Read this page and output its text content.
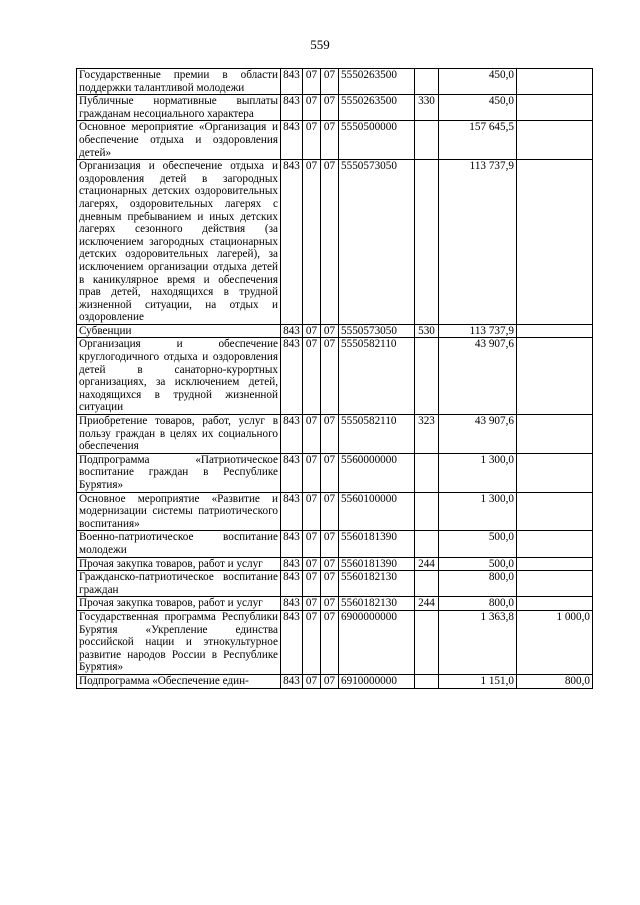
559
Государственные премии в области поддержки талантливой молодежи	843	07	07	5550263500		450,0	
Публичные нормативные выплаты гражданам несоциального характера	843	07	07	5550263500	330	450,0	
Основное мероприятие «Организация и обеспечение отдыха и оздоровления детей»	843	07	07	5550500000		157 645,5	
Организация и обеспечение отдыха и оздоровления детей в загородных стационарных детских оздоровительных лагерях, оздоровительных лагерях с дневным пребыванием и иных детских лагерях сезонного действия (за исключением загородных стационарных детских оздоровительных лагерей), за исключением организации отдыха детей в каникулярное время и обеспечения прав детей, находящихся в трудной жизненной ситуации, на отдых и оздоровление	843	07	07	5550573050		113 737,9	
Субвенции	843	07	07	5550573050	530	113 737,9	
Организация и обеспечение круглогодичного отдыха и оздоровления детей в санаторно-курортных организациях, за исключением детей, находящихся в трудной жизненной ситуации	843	07	07	5550582110		43 907,6	
Приобретение товаров, работ, услуг в пользу граждан в целях их социального обеспечения	843	07	07	5550582110	323	43 907,6	
Подпрограмма «Патриотическое воспитание граждан в Республике Бурятия»	843	07	07	5560000000		1 300,0	
Основное мероприятие «Развитие и модернизации системы патриотического воспитания»	843	07	07	5560100000		1 300,0	
Военно-патриотическое воспитание молодежи	843	07	07	5560181390		500,0	
Прочая закупка товаров, работ и услуг	843	07	07	5560181390	244	500,0	
Гражданско-патриотическое воспитание граждан	843	07	07	5560182130		800,0	
Прочая закупка товаров, работ и услуг	843	07	07	5560182130	244	800,0	
Государственная программа Республики Бурятия «Укрепление единства российской нации и этнокультурное развитие народов России в Республике Бурятия»	843	07	07	6900000000		1 363,8	1 000,0
Подпрограмма «Обеспечение един-	843	07	07	6910000000		1 151,0	800,0
